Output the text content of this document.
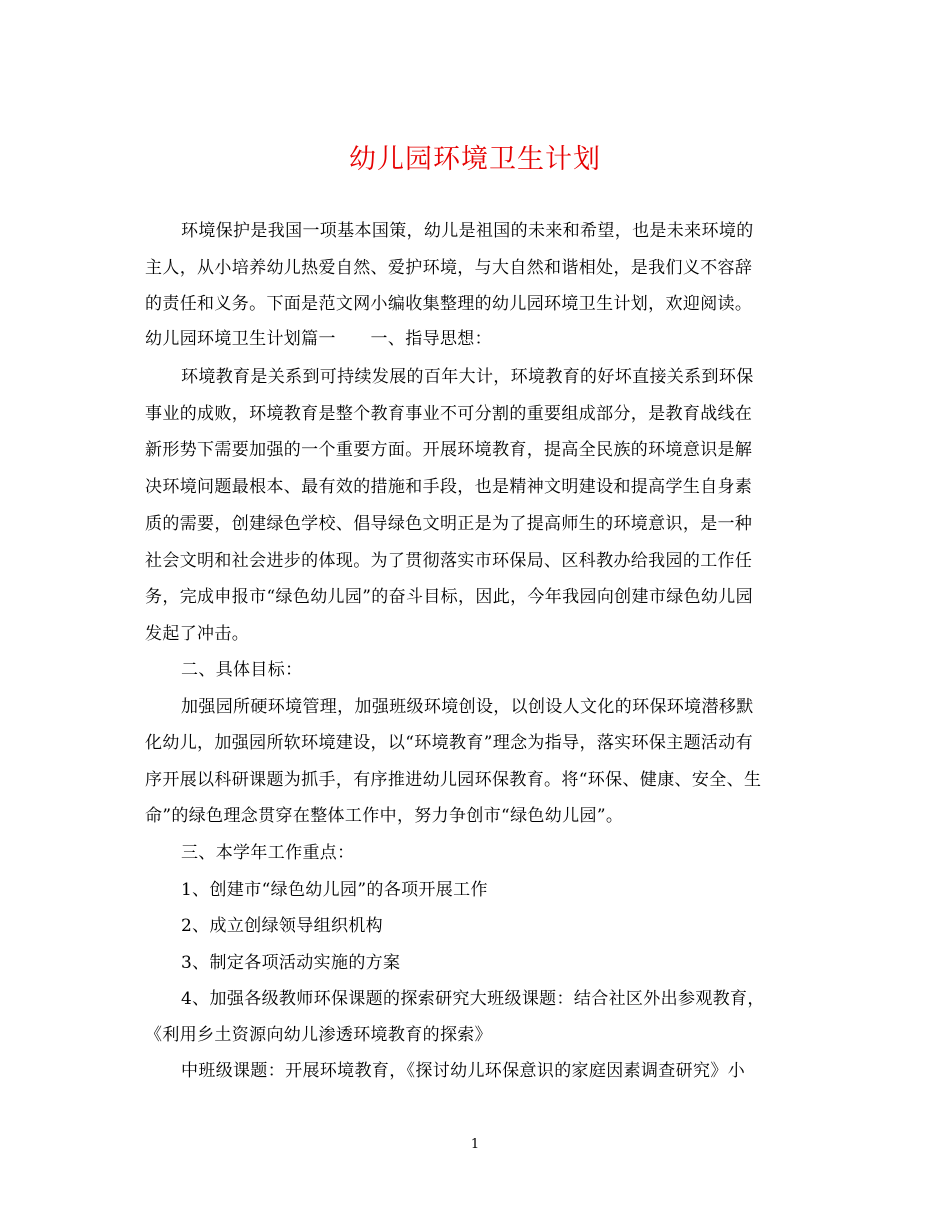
幼儿园环境卫生计划
环境保护是我国一项基本国策，幼儿是祖国的未来和希望，也是未来环境的
主人，从小培养幼儿热爱自然、爱护环境，与大自然和谐相处，是我们义不容辞
的责任和义务。下面是范文网小编收集整理的幼儿园环境卫生计划，欢迎阅读。
幼儿园环境卫生计划篇一　　一、指导思想：
环境教育是关系到可持续发展的百年大计，环境教育的好坏直接关系到环保
事业的成败，环境教育是整个教育事业不可分割的重要组成部分，是教育战线在
新形势下需要加强的一个重要方面。开展环境教育，提高全民族的环境意识是解
决环境问题最根本、最有效的措施和手段，也是精神文明建设和提高学生自身素
质的需要，创建绿色学校、倡导绿色文明正是为了提高师生的环境意识，是一种
社会文明和社会进步的体现。为了贯彻落实市环保局、区科教办给我园的工作任
务，完成申报市“绿色幼儿园”的奋斗目标，因此，今年我园向创建市绿色幼儿园
发起了冲击。
二、具体目标：
加强园所硬环境管理，加强班级环境创设，以创设人文化的环保环境潜移默
化幼儿，加强园所软环境建设，以“环境教育”理念为指导，落实环保主题活动有
序开展以科研课题为抓手，有序推进幼儿园环保教育。将“环保、健康、安全、生
命”的绿色理念贯穿在整体工作中，努力争创市“绿色幼儿园”。
三、本学年工作重点：
1、创建市“绿色幼儿园”的各项开展工作
2、成立创绿领导组织机构
3、制定各项活动实施的方案
4、加强各级教师环保课题的探索研究大班级课题：结合社区外出参观教育，
《利用乡土资源向幼儿渗透环境教育的探索》
中班级课题：开展环境教育，《探讨幼儿环保意识的家庭因素调查研究》小
1
